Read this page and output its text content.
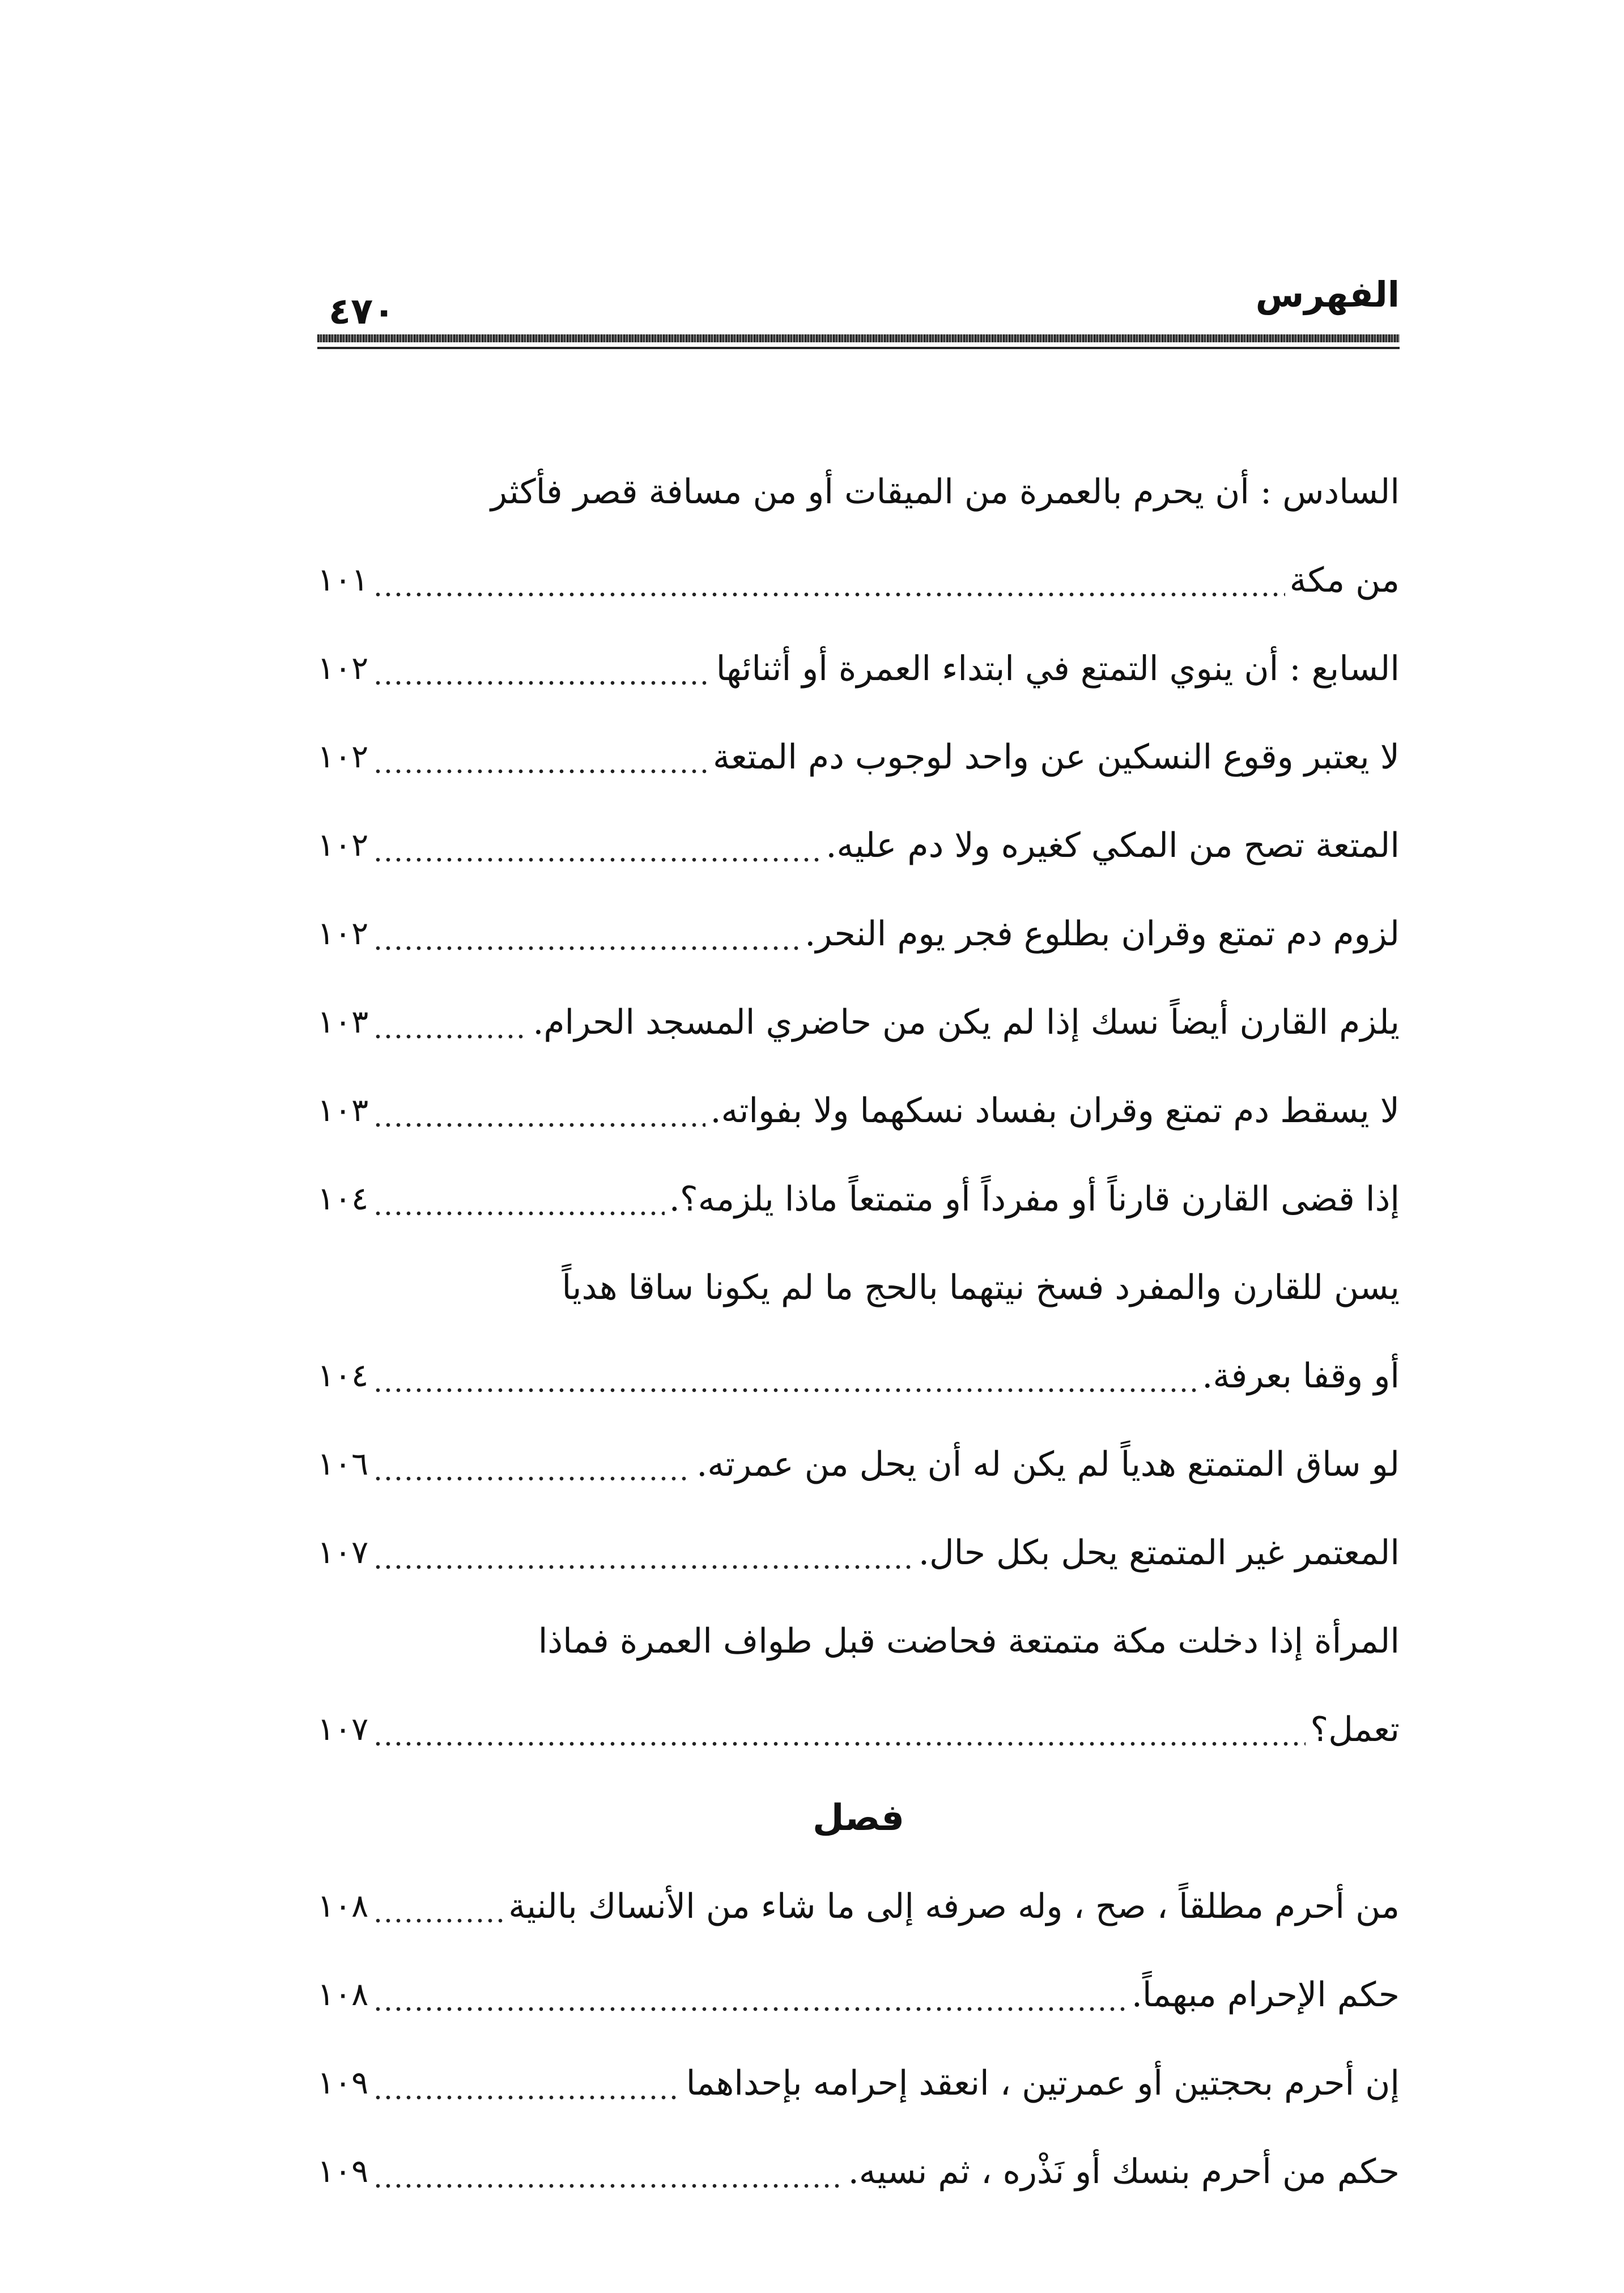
الفهرس
٤٧٠
السادس : أن يحرم بالعمرة من الميقات أو من مسافة قصر فأكثر
من مكة
١٠١
السابع : أن ينوي التمتع في ابتداء العمرة أو أثنائها
١٠٢
لا يعتبر وقوع النسكين عن واحد لوجوب دم المتعة
١٠٢
المتعة تصح من المكي كغيره ولا دم عليه.
١٠٢
لزوم دم تمتع وقران بطلوع فجر يوم النحر.
١٠٢
يلزم القارن أيضاً نسك إذا لم يكن من حاضري المسجد الحرام.
١٠٣
لا يسقط دم تمتع وقران بفساد نسكهما ولا بفواته.
١٠٣
إذا قضى القارن قارناً أو مفرداً أو متمتعاً ماذا يلزمه؟.
١٠٤
يسن للقارن والمفرد فسخ نيتهما بالحج ما لم يكونا ساقا هدياً
أو وقفا بعرفة.
١٠٤
لو ساق المتمتع هدياً لم يكن له أن يحل من عمرته.
١٠٦
المعتمر غير المتمتع يحل بكل حال.
١٠٧
المرأة إذا دخلت مكة متمتعة فحاضت قبل طواف العمرة فماذا
تعمل؟
١٠٧
فصل
من أحرم مطلقاً ، صح ، وله صرفه إلى ما شاء من الأنساك بالنية
١٠٨
حكم الإحرام مبهماً.
١٠٨
إن أحرم بحجتين أو عمرتين ، انعقد إحرامه بإحداهما
١٠٩
حكم من أحرم بنسك أو نَذْره ، ثم نسيه.
١٠٩
